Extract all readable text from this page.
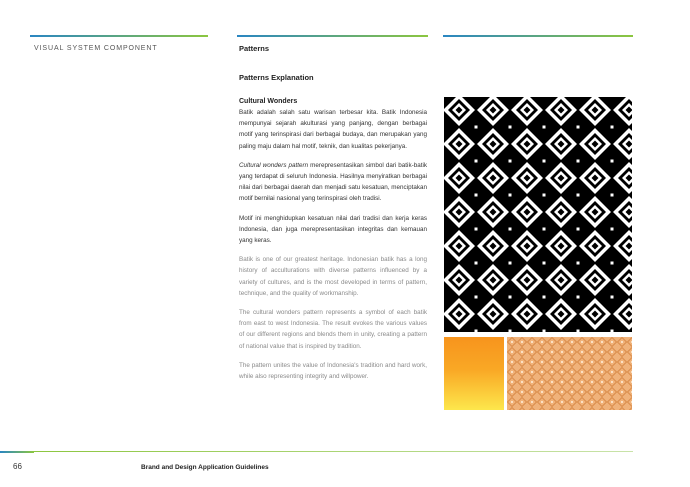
VISUAL SYSTEM COMPONENT	Patterns
Patterns Explanation

Cultural Wonders

Batik adalah salah satu warisan terbesar kita. Batik Indonesia mempunyai sejarah akulturasi yang panjang, dengan berbagai motif yang terinspirasi dari berbagai budaya, dan merupakan yang paling maju dalam hal motif, teknik, dan kualitas pekerjanya.

Cultural wonders pattern merepresentasikan simbol dari batik-batik yang terdapat di seluruh Indonesia. Hasilnya menyiratkan berbagai nilai dari berbagai daerah dan menjadi satu kesatuan, menciptakan motif bernilai nasional yang terinspirasi oleh tradisi.

Motif ini menghidupkan kesatuan nilai dari tradisi dan kerja keras Indonesia, dan juga merepresentasikan integritas dan kemauan yang keras.

Batik is one of our greatest heritage. Indonesian batik has a long history of acculturations with diverse patterns influenced by a variety of cultures, and is the most developed in terms of pattern, technique, and the quality of workmanship.

The cultural wonders pattern represents a symbol of each batik from east to west Indonesia. The result evokes the various values of our different regions and blends them in unity, creating a pattern of national value that is inspired by tradition.

The pattern unites the value of Indonesia's tradition and hard work, while also representing integrity and willpower.

66	Brand and Design Application Guidelines
